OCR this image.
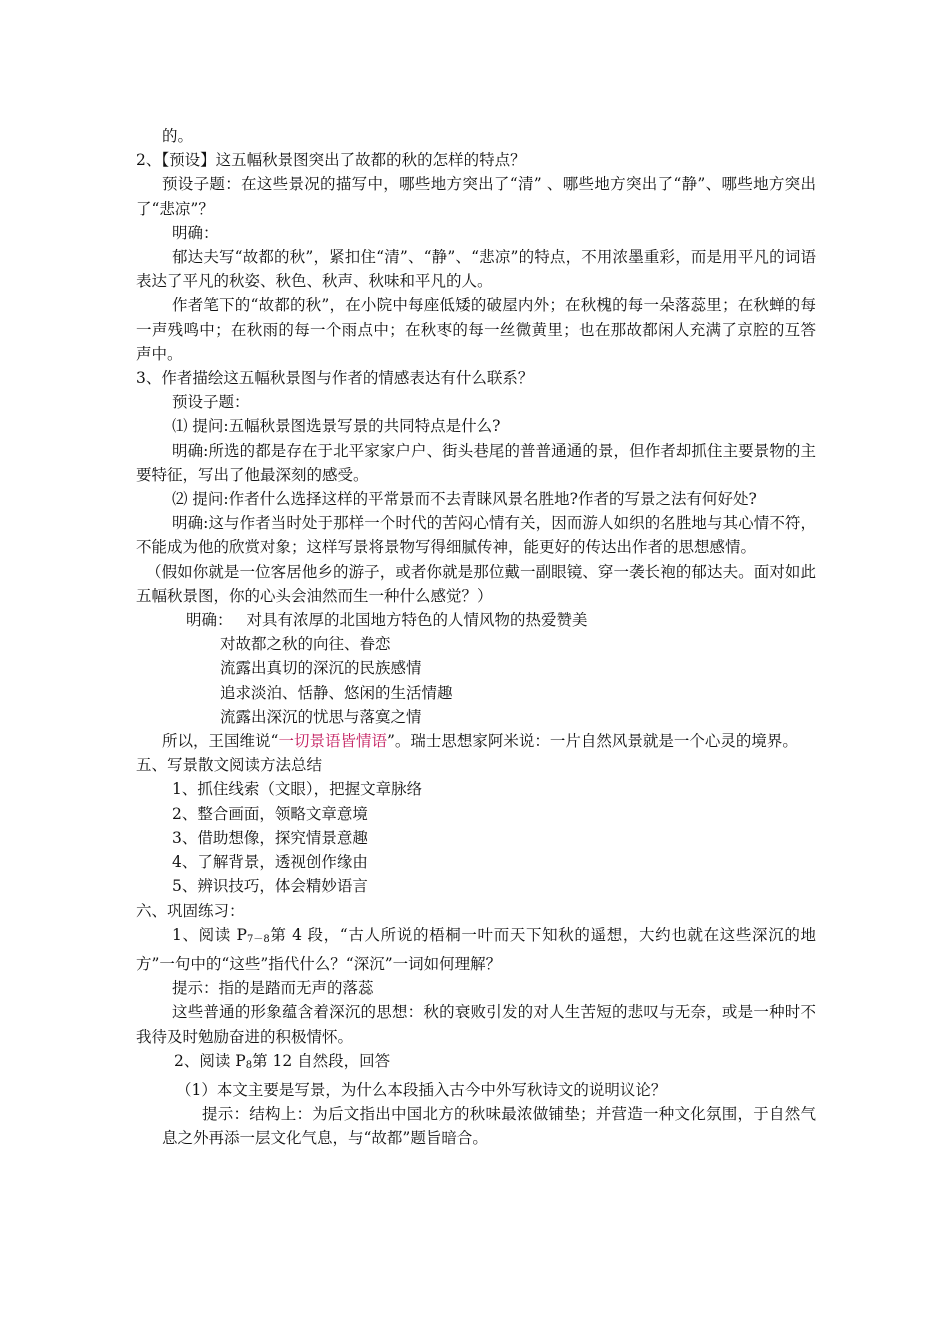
的。

2、【预设】这五幅秋景图突出了故都的秋的怎样的特点？

预设子题：在这些景况的描写中，哪些地方突出了“清” 、哪些地方突出了“静”、哪些地方突出了“悲凉”？

明确：

郁达夫写“故都的秋”，紧扣住“清”、“静”、“悲凉”的特点，不用浓墨重彩，而是用平凡的词语表达了平凡的秋姿、秋色、秋声、秋味和平凡的人。

作者笔下的“故都的秋”，在小院中每座低矮的破屋内外；在秋槐的每一朵落蕊里；在秋蝉的每一声残鸣中；在秋雨的每一个雨点中；在秋枣的每一丝微黄里；也在那故都闲人充满了京腔的互答声中。

3、作者描绘这五幅秋景图与作者的情感表达有什么联系？

预设子题：

⑴ 提问:五幅秋景图选景写景的共同特点是什么?

明确:所选的都是存在于北平家家户户、街头巷尾的普普通通的景，但作者却抓住主要景物的主要特征，写出了他最深刻的感受。

⑵ 提问:作者什么选择这样的平常景而不去青睐风景名胜地?作者的写景之法有何好处?

明确:这与作者当时处于那样一个时代的苦闷心情有关，因而游人如织的名胜地与其心情不符，不能成为他的欣赏对象；这样写景将景物写得细腻传神，能更好的传达出作者的思想感情。

（假如你就是一位客居他乡的游子，或者你就是那位戴一副眼镜、穿一袭长袍的郁达夫。面对如此五幅秋景图，你的心头会油然而生一种什么感觉？）

明确： 对具有浓厚的北国地方特色的人情风物的热爱赞美

对故都之秋的向往、眷恋

流露出真切的深沉的民族感情

追求淡泊、恬静、悠闲的生活情趣

流露出深沉的忧思与落寞之情

所以，王国维说“一切景语皆情语”。瑞士思想家阿米说：一片自然风景就是一个心灵的境界。

五、写景散文阅读方法总结

1、抓住线索（文眼），把握文章脉络

2、整合画面，领略文章意境

3、借助想像，探究情景意趣

4、了解背景，透视创作缘由

5、辨识技巧，体会精妙语言

六、巩固练习：

1、阅读 P7－8第 4 段，“古人所说的梧桐一叶而天下知秋的遥想，大约也就在这些深沉的地方”一句中的“这些”指代什么？“深沉”一词如何理解？

提示：指的是踏而无声的落蕊

这些普通的形象蕴含着深沉的思想：秋的衰败引发的对人生苦短的悲叹与无奈，或是一种时不我待及时勉励奋进的积极情怀。

2、阅读 P8第 12 自然段，回答

（1）本文主要是写景，为什么本段插入古今中外写秋诗文的说明议论？

提示：结构上：为后文指出中国北方的秋味最浓做铺垫；并营造一种文化氛围，于自然气息之外再添一层文化气息，与“故都”题旨暗合。
